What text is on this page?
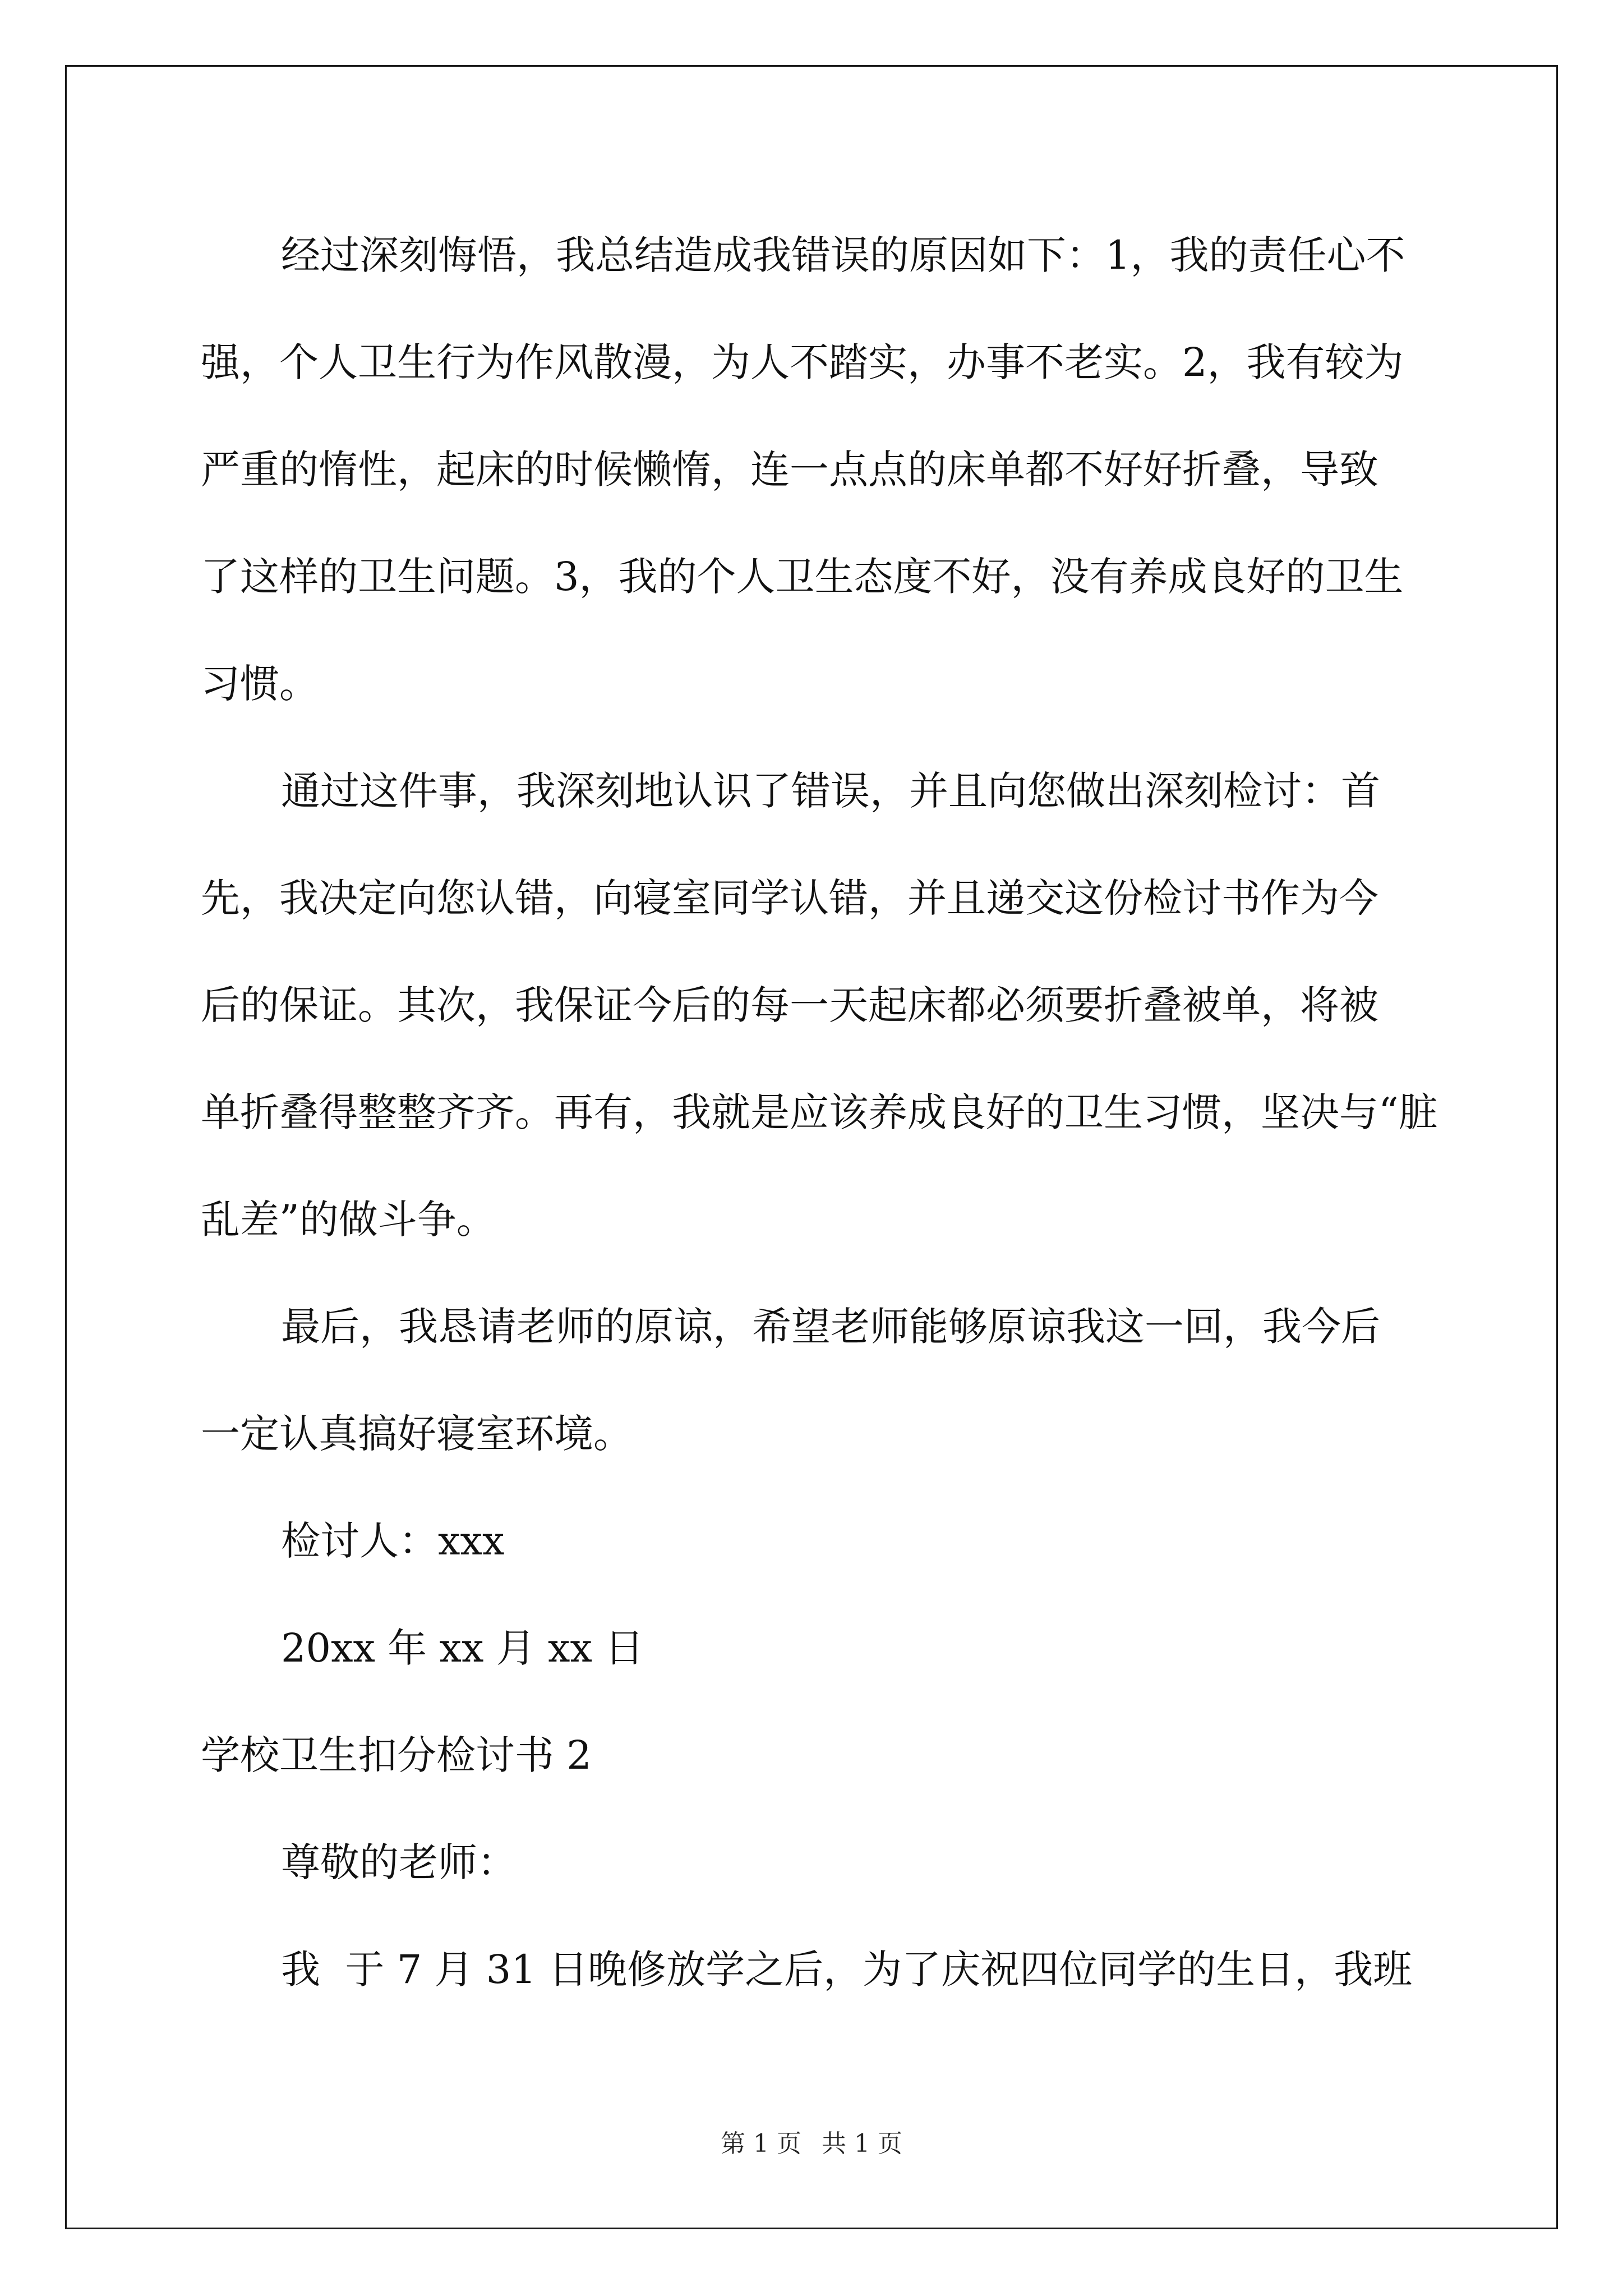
经过深刻悔悟，我总结造成我错误的原因如下：1，我的责任心不
强，个人卫生行为作风散漫，为人不踏实，办事不老实。2，我有较为
严重的惰性，起床的时候懒惰，连一点点的床单都不好好折叠，导致
了这样的卫生问题。3，我的个人卫生态度不好，没有养成良好的卫生
习惯。
通过这件事，我深刻地认识了错误，并且向您做出深刻检讨：首
先，我决定向您认错，向寝室同学认错，并且递交这份检讨书作为今
后的保证。其次，我保证今后的每一天起床都必须要折叠被单，将被
单折叠得整整齐齐。再有，我就是应该养成良好的卫生习惯，坚决与“脏
乱差”的做斗争。
最后，我恳请老师的原谅，希望老师能够原谅我这一回，我今后
一定认真搞好寝室环境。
检讨人：xxx
20xx 年 xx 月 xx 日
学校卫生扣分检讨书 2
尊敬的老师：
我  于 7 月 31 日晚修放学之后，为了庆祝四位同学的生日，我班
第 1 页 共 1 页
